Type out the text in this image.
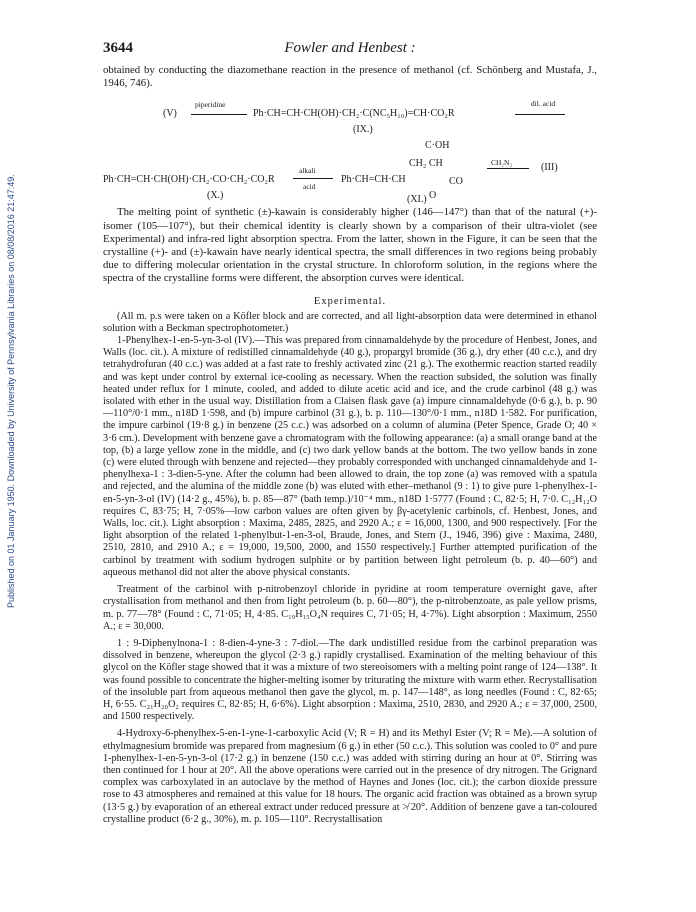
Published on 01 January 1950. Downloaded by University of Pennsylvania Libraries on 08/08/2016 21:47:49.
3644	Fowler and Henbest :

obtained by conducting the diazomethane reaction in the presence of methanol (cf. Schönberg and Mustafa, J., 1946, 746).

(V)
piperidine
Ph·CH=CH·CH(OH)·CH₂·C(NC₅H₁₀)=CH·CO₂R
dil. acid
(IX.)
C·OH
CH₂ CH	CH₂N₂	(III)
Ph·CH=CH·CH(OH)·CH₂·CO·CH₂·CO₂R
alkali
acid
Ph·CH=CH·CH	CO
O
(X.)	(XI.)

The melting point of synthetic (±)-kawain is considerably higher (146—147°) than that of the natural (+)-isomer (105—107°), but their chemical identity is clearly shown by a comparison of their ultra-violet (see Experimental) and infra-red light absorption spectra. From the latter, shown in the Figure, it can be seen that the crystalline (+)- and (±)-kawain have nearly identical spectra, the small differences in two regions being probably due to differing molecular orientation in the crystal structure. In chloroform solution, in the regions where the spectra of the crystalline forms were different, the absorption curves were identical.

Experimental.

(All m. p.s were taken on a Köfler block and are corrected, and all light-absorption data were determined in ethanol solution with a Beckman spectrophotometer.)

1-Phenylhex-1-en-5-yn-3-ol (IV).—This was prepared from cinnamaldehyde by the procedure of Henbest, Jones, and Walls (loc. cit.). A mixture of redistilled cinnamaldehyde (40 g.), propargyl bromide (36 g.), dry ether (40 c.c.), and dry tetrahydrofuran (40 c.c.) was added at a fast rate to freshly activated zinc (21 g.). The exothermic reaction started readily and was kept under control by external ice-cooling as necessary. When the reaction subsided, the solution was finally heated under reflux for 1 minute, cooled, and added to dilute acetic acid and ice, and the crude carbinol (48 g.) was isolated with ether in the usual way. Distillation from a Claisen flask gave (a) impure cinnamaldehyde (0·6 g.), b. p. 90—110°/0·1 mm., n18D 1·598, and (b) impure carbinol (31 g.), b. p. 110—130°/0·1 mm., n18D 1·582. For purification, the impure carbinol (19·8 g.) in benzene (25 c.c.) was adsorbed on a column of alumina (Peter Spence, Grade O; 40 × 3·6 cm.). Development with benzene gave a chromatogram with the following appearance: (a) a small orange band at the top, (b) a large yellow zone in the middle, and (c) two dark yellow bands at the bottom. The two yellow bands in zone (c) were eluted through with benzene and rejected—they probably corresponded with unchanged cinnamaldehyde and 1-phenylhexa-1 : 3-dien-5-yne. After the column had been allowed to drain, the top zone (a) was removed with a spatula and rejected, and the alumina of the middle zone (b) was eluted with ether–methanol (9 : 1) to give pure 1-phenylhex-1-en-5-yn-3-ol (IV) (14·2 g., 45%), b. p. 85—87° (bath temp.)/10⁻⁴ mm., n18D 1·5777 (Found : C, 82·5; H, 7·0. C₁₂H₁₂O requires C, 83·75; H, 7·05%—low carbon values are often given by βγ-acetylenic carbinols, cf. Henbest, Jones, and Walls, loc. cit.). Light absorption : Maxima, 2485, 2825, and 2920 A.; ε = 16,000, 1300, and 900 respectively. [For the light absorption of the related 1-phenylbut-1-en-3-ol, Braude, Jones, and Stern (J., 1946, 396) give : Maxima, 2480, 2510, 2810, and 2910 A.; ε = 19,000, 19,500, 2000, and 1550 respectively.] Further attempted purification of the carbinol by treatment with sodium hydrogen sulphite or by partition between light petroleum (b. p. 40—60°) and aqueous methanol did not alter the above physical constants.

Treatment of the carbinol with p-nitrobenzoyl chloride in pyridine at room temperature overnight gave, after crystallisation from methanol and then from light petroleum (b. p. 60—80°), the p-nitrobenzoate, as pale yellow prisms, m. p. 77—78° (Found : C, 71·05; H, 4·85. C₁₉H₁₅O₄N requires C, 71·05; H, 4·7%). Light absorption : Maximum, 2550 A.; ε = 30,000.

1 : 9-Diphenylnona-1 : 8-dien-4-yne-3 : 7-diol.—The dark undistilled residue from the carbinol preparation was dissolved in benzene, whereupon the glycol (2·3 g.) rapidly crystallised. Examination of the melting behaviour of this glycol on the Köfler stage showed that it was a mixture of two stereoisomers with a melting point range of 124—138°. It was found possible to concentrate the higher-melting isomer by triturating the mixture with warm ether. Recrystallisation of the insoluble part from aqueous methanol then gave the glycol, m. p. 147—148°, as long needles (Found : C, 82·65; H, 6·55. C₂₁H₂₀O₂ requires C, 82·85; H, 6·6%). Light absorption : Maxima, 2510, 2830, and 2920 A.; ε = 37,000, 2500, and 1500 respectively.

4-Hydroxy-6-phenylhex-5-en-1-yne-1-carboxylic Acid (V; R = H) and its Methyl Ester (V; R = Me).—A solution of ethylmagnesium bromide was prepared from magnesium (6 g.) in ether (50 c.c.). This solution was cooled to 0° and pure 1-phenylhex-1-en-5-yn-3-ol (17·2 g.) in benzene (150 c.c.) was added with stirring during an hour at 0°. Stirring was then continued for 1 hour at 20°. All the above operations were carried out in the presence of dry nitrogen. The Grignard complex was carboxylated in an autoclave by the method of Haynes and Jones (loc. cit.); the carbon dioxide pressure rose to 43 atmospheres and remained at this value for 18 hours. The organic acid fraction was obtained as a brown syrup (13·5 g.) by evaporation of an ethereal extract under reduced pressure at ≯ 20°. Addition of benzene gave a tan-coloured crystalline product (6·2 g., 30%), m. p. 105—110°. Recrystallisation
